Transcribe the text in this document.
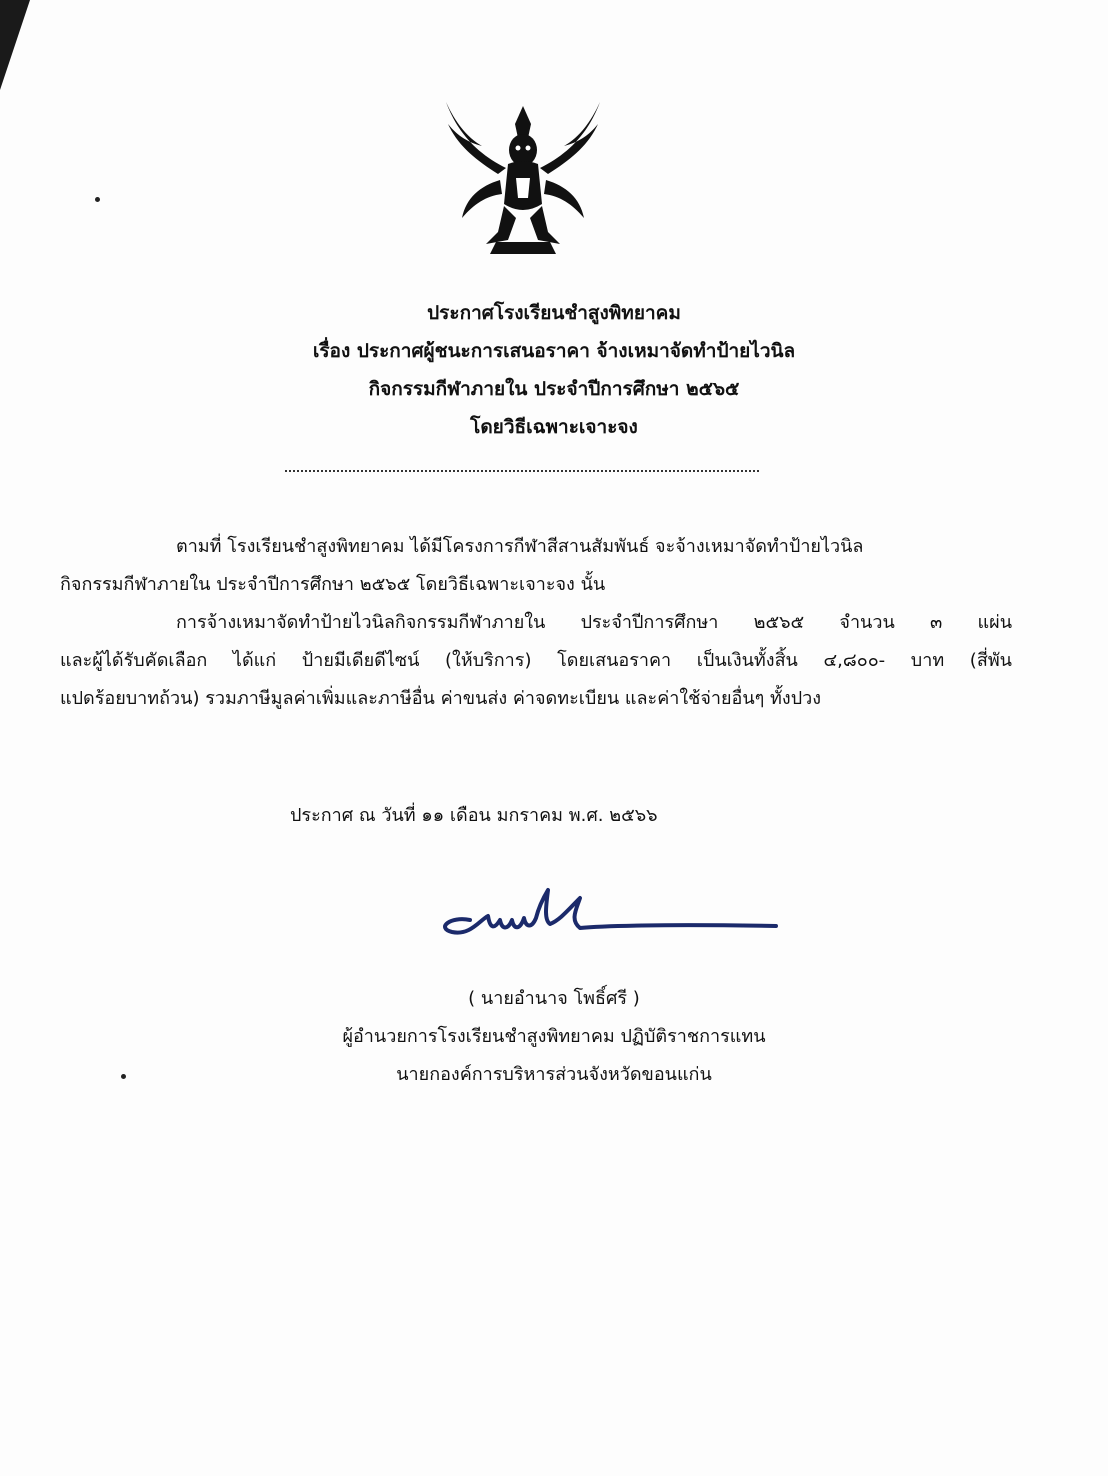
ประกาศโรงเรียนชำสูงพิทยาคม
เรื่อง ประกาศผู้ชนะการเสนอราคา จ้างเหมาจัดทำป้ายไวนิล
กิจกรรมกีฬาภายใน ประจำปีการศึกษา ๒๕๖๕
โดยวิธีเฉพาะเจาะจง
ตามที่ โรงเรียนชำสูงพิทยาคม ได้มีโครงการกีฬาสีสานสัมพันธ์ จะจ้างเหมาจัดทำป้ายไวนิล
กิจกรรมกีฬาภายใน ประจำปีการศึกษา ๒๕๖๕ โดยวิธีเฉพาะเจาะจง นั้น
การจ้างเหมาจัดทำป้ายไวนิลกิจกรรมกีฬาภายใน ประจำปีการศึกษา ๒๕๖๕ จำนวน ๓ แผ่น
และผู้ได้รับคัดเลือก ได้แก่ ป้ายมีเดียดีไซน์ (ให้บริการ) โดยเสนอราคา เป็นเงินทั้งสิ้น ๔,๘๐๐- บาท (สี่พัน
แปดร้อยบาทถ้วน) รวมภาษีมูลค่าเพิ่มและภาษีอื่น ค่าขนส่ง ค่าจดทะเบียน และค่าใช้จ่ายอื่นๆ ทั้งปวง
ประกาศ ณ วันที่ ๑๑ เดือน มกราคม พ.ศ. ๒๕๖๖
( นายอำนาจ โพธิ์ศรี )
ผู้อำนวยการโรงเรียนชำสูงพิทยาคม ปฏิบัติราชการแทน
นายกองค์การบริหารส่วนจังหวัดขอนแก่น
